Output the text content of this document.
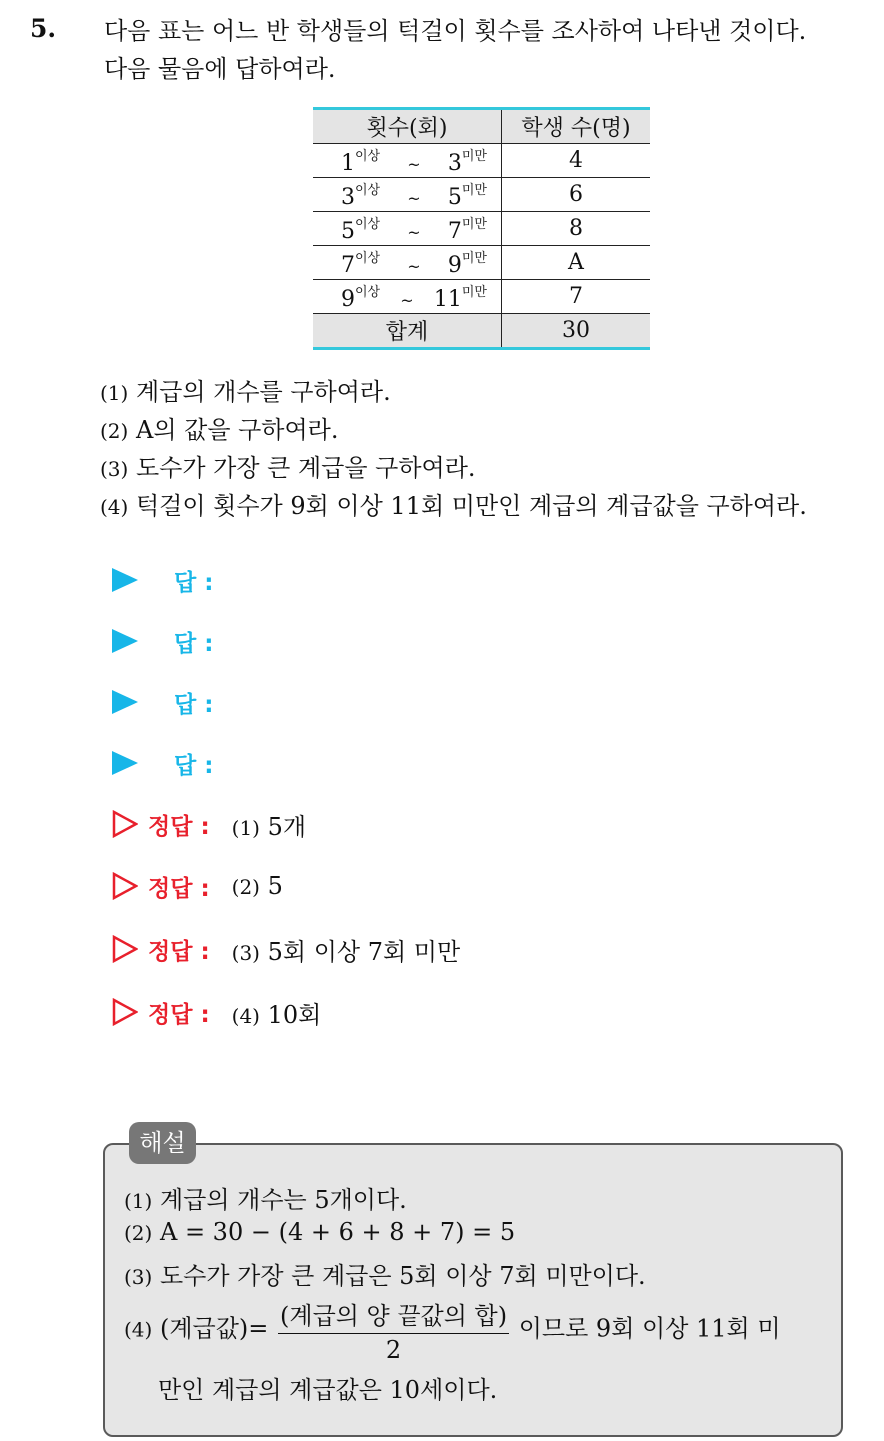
5. 다음 표는 어느 반 학생들의 턱걸이 횟수를 조사하여 나타낸 것이다.
다음 물음에 답하여라.
횟수(회)	학생 수(명)

$1^{이상}$ ~ $3^{미만}$	4

$3^{이상}$ ~ $5^{미만}$	6

$5^{이상}$ ~ $7^{미만}$	8

$7^{이상}$ ~ $9^{미만}$	A

$9^{이상}$ ~ $11^{미만}$	7
합계	30
(1) 계급의 개수를 구하여라.
(2) A의 값을 구하여라.
(3) 도수가 가장 큰 계급을 구하여라.
(4) 턱걸이 횟수가 9회 이상 11회 미만인 계급의 계급값을 구하여라.
답 :
답 :
답 :
답 :
정답 : (1) 5개
정답 : (2) 5
정답 : (3) 5회 이상 7회 미만
정답 : (4) 10회
해설
(1) 계급의 개수는 5개이다.
(2) A = 30 − (4 + 6 + 8 + 7) = 5
(3) 도수가 가장 큰 계급은 5회 이상 7회 미만이다.
(4) (계급값)= $\frac{\text{(계급의 양 끝값의 합)}}{2}$ 이므로 9회 이상 11회 미
만인 계급의 계급값은 10세이다.
